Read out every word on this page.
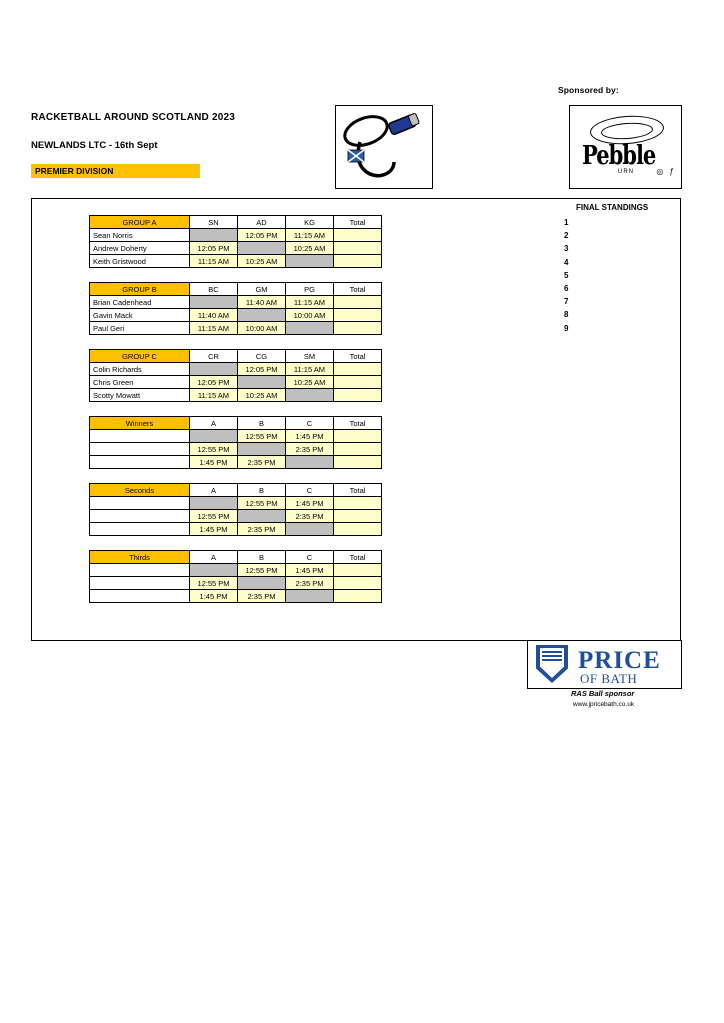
Sponsored by:
RACKETBALL AROUND SCOTLAND 2023
NEWLANDS LTC - 16th Sept
PREMIER DIVISION
Pebble
URN	◎ ƒ
FINAL STANDINGS
1
2
3
4
5
6
7
8
9
GROUP A	SN	AD	KG	Total
Sean Norris		12:05 PM	11:15 AM	
Andrew Doherty	12:05 PM		10:25 AM	
Keith Gristwood	11:15 AM	10:25 AM		
GROUP B	BC	GM	PG	Total
Brian Cadenhead		11:40 AM	11:15 AM	
Gavin Mack	11:40 AM		10:00 AM	
Paul Geri	11:15 AM	10:00 AM		
GROUP C	CR	CG	SM	Total
Colin Richards		12:05 PM	11:15 AM	
Chris Green	12:05 PM		10:25 AM	
Scotty Mowatt	11:15 AM	10:25 AM		
Winners	A	B	C	Total
		12:55 PM	1:45 PM	
	12:55 PM		2:35 PM	
	1:45 PM	2:35 PM		
Seconds	A	B	C	Total
		12:55 PM	1:45 PM	
	12:55 PM		2:35 PM	
	1:45 PM	2:35 PM		
Thirds	A	B	C	Total
		12:55 PM	1:45 PM	
	12:55 PM		2:35 PM	
	1:45 PM	2:35 PM		
PRICE
OF BATH
RAS Ball sponsor
www.jpricebath.co.uk
